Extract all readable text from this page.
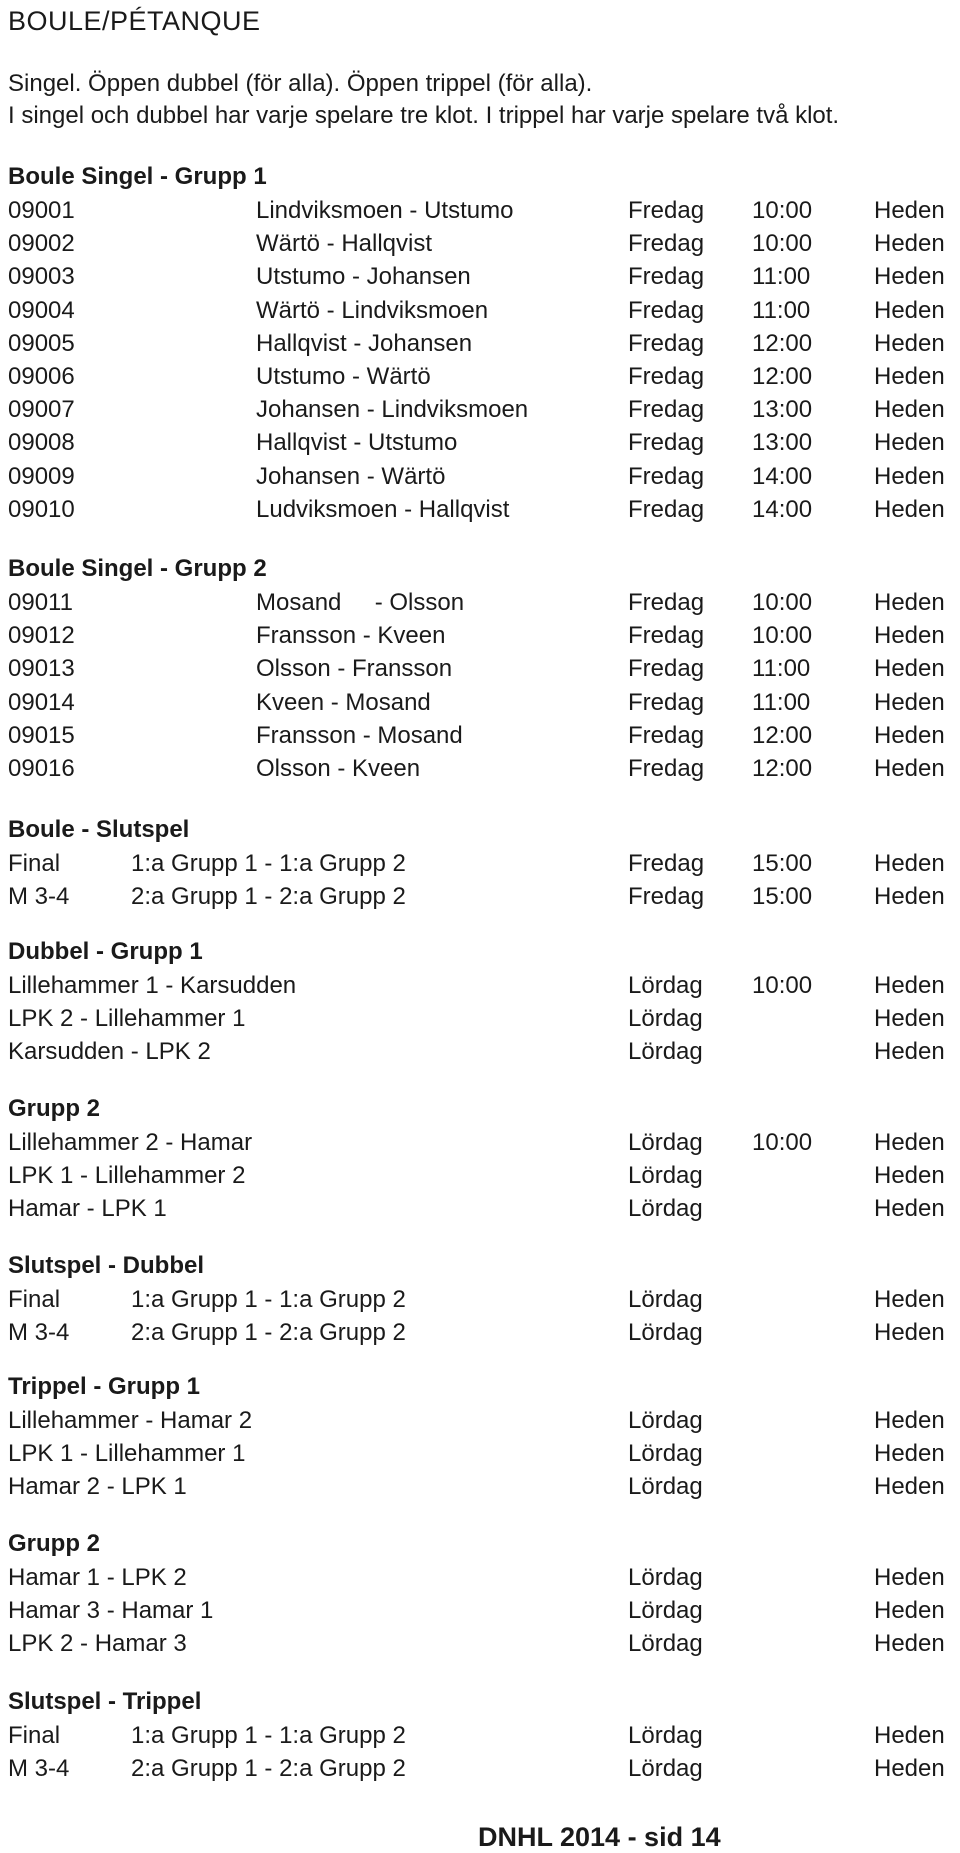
BOULE/PÉTANQUE
Singel. Öppen dubbel (för alla). Öppen trippel (för alla).
I singel och dubbel har varje spelare tre klot. I trippel har varje spelare två klot.
Boule Singel - Grupp 1
09001	Lindviksmoen - Utstumo	Fredag 10:00	Heden
09002	Wärtö - Hallqvist	Fredag 10:00	Heden
09003	Utstumo - Johansen	Fredag 11:00	Heden
09004	Wärtö - Lindviksmoen	Fredag 11:00	Heden
09005	Hallqvist - Johansen	Fredag 12:00	Heden
09006	Utstumo - Wärtö	Fredag 12:00	Heden
09007	Johansen - Lindviksmoen	Fredag 13:00	Heden
09008	Hallqvist - Utstumo	Fredag 13:00	Heden
09009	Johansen - Wärtö	Fredag 14:00	Heden
09010	Ludviksmoen - Hallqvist	Fredag 14:00	Heden
Boule Singel - Grupp 2
09011	Mosand     - Olsson	Fredag 10:00	Heden
09012	Fransson - Kveen	Fredag 10:00	Heden
09013	Olsson - Fransson	Fredag 11:00	Heden
09014	Kveen - Mosand	Fredag 11:00	Heden
09015	Fransson - Mosand	Fredag 12:00	Heden
09016	Olsson - Kveen	Fredag 12:00	Heden
Boule - Slutspel
Final	1:a Grupp 1 - 1:a Grupp 2	Fredag 15:00	Heden
M 3-4	2:a Grupp 1 - 2:a Grupp 2	Fredag 15:00	Heden
Dubbel - Grupp 1
Lillehammer 1 - Karsudden	Lördag 10:00	Heden
LPK 2 - Lillehammer 1	Lördag	Heden
Karsudden - LPK 2	Lördag	Heden
Grupp 2
Lillehammer 2 - Hamar	Lördag 10:00	Heden
LPK 1 - Lillehammer 2	Lördag	Heden
Hamar - LPK 1	Lördag	Heden
Slutspel - Dubbel
Final	1:a Grupp 1 - 1:a Grupp 2	Lördag	Heden
M 3-4	2:a Grupp 1 - 2:a Grupp 2	Lördag	Heden
Trippel - Grupp 1
Lillehammer - Hamar 2	Lördag	Heden
LPK 1 - Lillehammer 1	Lördag	Heden
Hamar 2 - LPK 1	Lördag	Heden
Grupp 2
Hamar 1 - LPK 2	Lördag	Heden
Hamar 3 - Hamar 1	Lördag	Heden
LPK 2 - Hamar 3	Lördag	Heden
Slutspel - Trippel
Final	1:a Grupp 1 - 1:a Grupp 2	Lördag	Heden
M 3-4	2:a Grupp 1 - 2:a Grupp 2	Lördag	Heden
DNHL 2014 - sid 14
